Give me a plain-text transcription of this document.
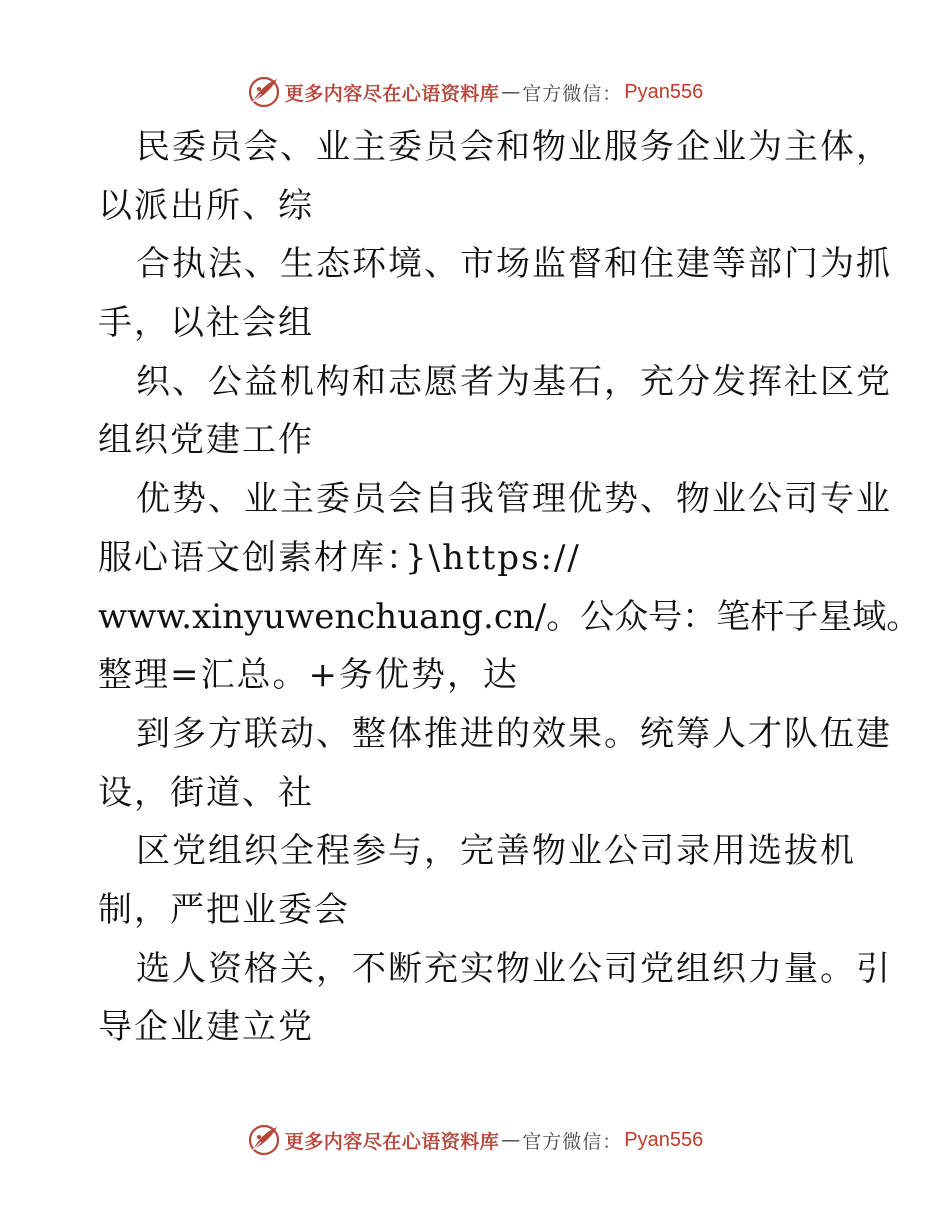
更多内容尽在心语资料库 — 官方微信： Pyan556
民委员会、业主委员会和物业服务企业为主体，
以派出所、综
合执法、生态环境、市场监督和住建等部门为抓
手，以社会组
织、公益机构和志愿者为基石，充分发挥社区党
组织党建工作
优势、业主委员会自我管理优势、物业公司专业
服心语文创素材库：}\https://
www.xinyuwenchuang.cn/。公众号：笔杆子星域。
整理=汇总。+务优势，达
到多方联动、整体推进的效果。统筹人才队伍建
设，街道、社
区党组织全程参与，完善物业公司录用选拔机
制，严把业委会
选人资格关，不断充实物业公司党组织力量。引
导企业建立党
更多内容尽在心语资料库 — 官方微信： Pyan556
